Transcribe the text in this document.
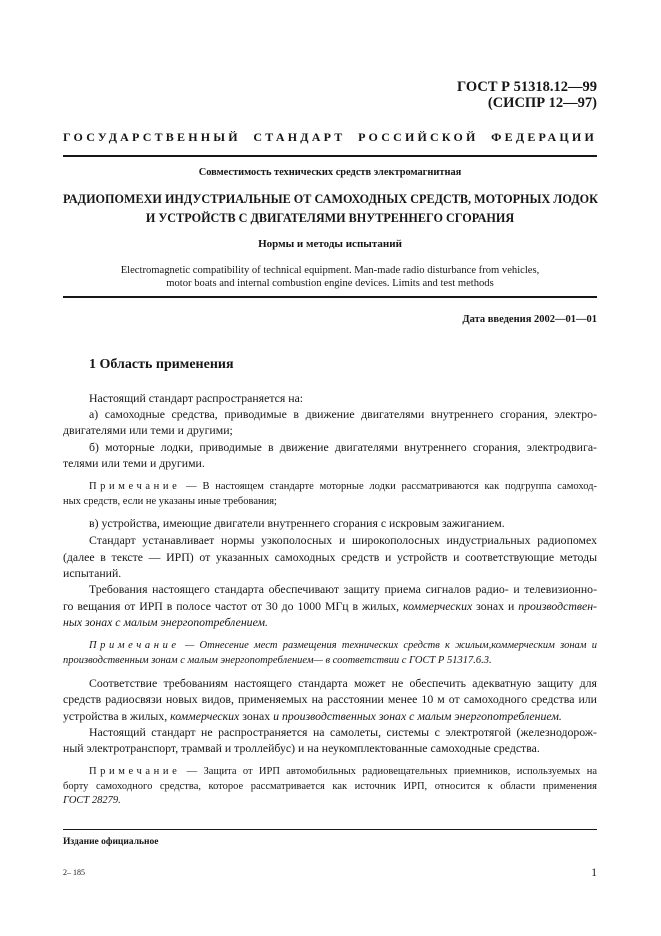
ГОСТ Р 51318.12—99
(СИСПР 12—97)
ГОСУДАРСТВЕННЫЙ СТАНДАРТ РОССИЙСКОЙ ФЕДЕРАЦИИ
Совместимость технических средств электромагнитная
РАДИОПОМЕХИ ИНДУСТРИАЛЬНЫЕ ОТ САМОХОДНЫХ СРЕДСТВ, МОТОРНЫХ ЛОДОК
И УСТРОЙСТВ С ДВИГАТЕЛЯМИ ВНУТРЕННЕГО СГОРАНИЯ
Нормы и методы испытаний
Electromagnetic compatibility of technical equipment. Man-made radio disturbance from vehicles,
motor boats and internal combustion engine devices. Limits and test methods
Дата введения 2002—01—01
1 Область применения
Настоящий стандарт распространяется на:
а) самоходные средства, приводимые в движение двигателями внутреннего сгорания, электро-
двигателями или теми и другими;
б) моторные лодки, приводимые в движение двигателями внутреннего сгорания, электродвига-
телями или теми и другими.
Примечание — В настоящем стандарте моторные лодки рассматриваются как подгруппа самоход-
ных средств, если не указаны иные требования;
в) устройства, имеющие двигатели внутреннего сгорания с искровым зажиганием.
Стандарт устанавливает нормы узкополосных и широкополосных индустриальных радиопомех
(далее в тексте — ИРП) от указанных самоходных средств и устройств и соответствующие методы
испытаний.
Требования настоящего стандарта обеспечивают защиту приема сигналов радио- и телевизионно-
го вещания от ИРП в полосе частот от 30 до 1000 МГц в жилых, коммерческих зонах и производствен-
ных зонах с малым энергопотреблением.
Примечание — Отнесение мест размещения технических средств к жилым,коммерческим зонам и
производственным зонам с малым энергопотреблением— в соответствии с ГОСТ Р 51317.6.3.
Соответствие требованиям настоящего стандарта может не обеспечить адекватную защиту для
средств радиосвязи новых видов, применяемых на расстоянии менее 10 м от самоходного средства или
устройства в жилых, коммерческих зонах и производственных зонах с малым энергопотреблением.
Настоящий стандарт не распространяется на самолеты, системы с электротягой (железнодорож-
ный электротранспорт, трамвай и троллейбус) и на неукомплектованные самоходные средства.
Примечание — Защита от ИРП автомобильных радиовещательных приемников, используемых на
борту самоходного средства, которое рассматривается как источник ИРП, относится к области применения
ГОСТ 28279.
Издание официальное
2– 185	1
